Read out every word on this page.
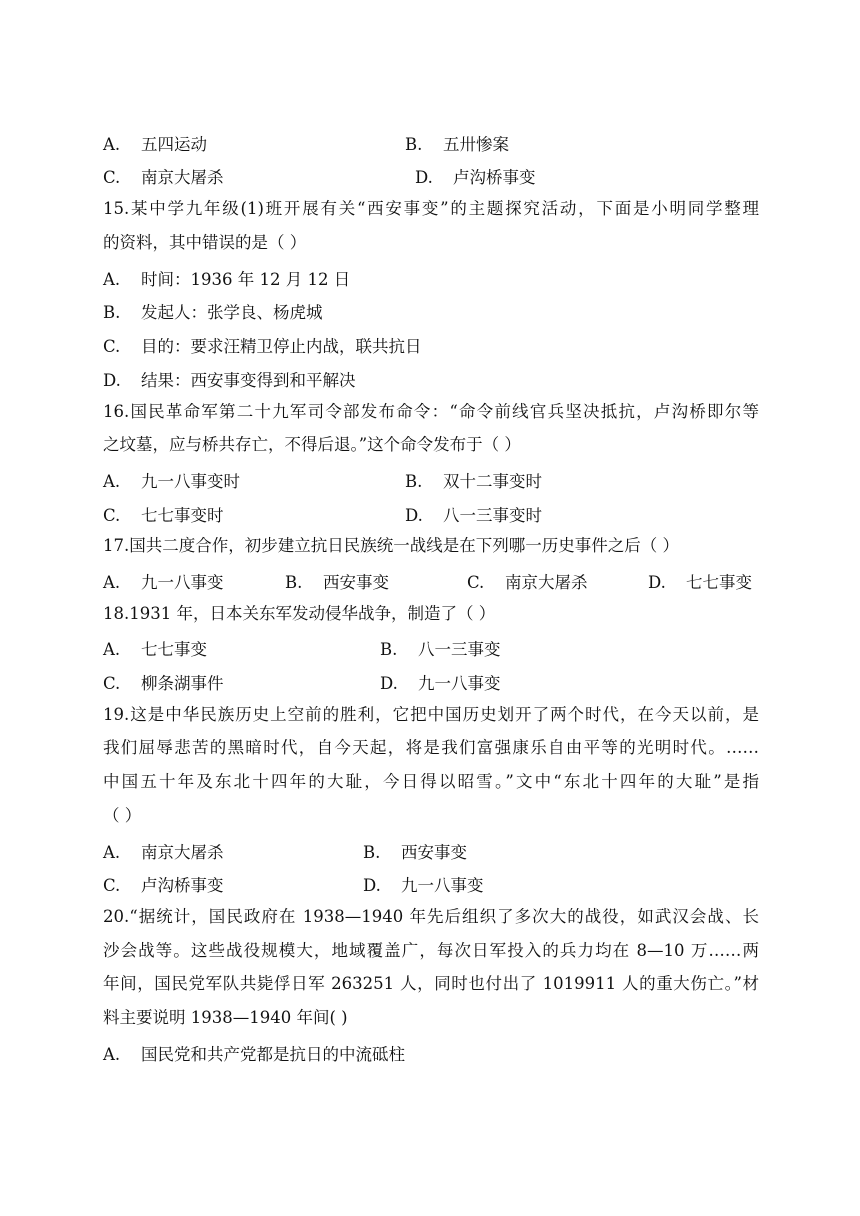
A. 五四运动	B. 五卅惨案
C. 南京大屠杀	D. 卢沟桥事变
15.某中学九年级(1)班开展有关“西安事变”的主题探究活动，下面是小明同学整理
的资料，其中错误的是（ ）
A. 时间：1936 年 12 月 12 日
B. 发起人：张学良、杨虎城
C. 目的：要求汪精卫停止内战，联共抗日
D. 结果：西安事变得到和平解决
16.国民革命军第二十九军司令部发布命令：“命令前线官兵坚决抵抗，卢沟桥即尔等
之坟墓，应与桥共存亡，不得后退。”这个命令发布于（ ）
A. 九一八事变时	B. 双十二事变时
C. 七七事变时	D. 八一三事变时
17.国共二度合作，初步建立抗日民族统一战线是在下列哪一历史事件之后（ ）
A. 九一八事变	B. 西安事变	C. 南京大屠杀	D. 七七事变
18.1931 年，日本关东军发动侵华战争，制造了（ ）
A. 七七事变	B. 八一三事变
C. 柳条湖事件	D. 九一八事变
19.这是中华民族历史上空前的胜利，它把中国历史划开了两个时代，在今天以前，是
我们屈辱悲苦的黑暗时代，自今天起，将是我们富强康乐自由平等的光明时代。……
中国五十年及东北十四年的大耻，今日得以昭雪。”文中“东北十四年的大耻”是指
（ ）
A. 南京大屠杀	B. 西安事变
C. 卢沟桥事变	D. 九一八事变
20.“据统计，国民政府在 1938—1940 年先后组织了多次大的战役，如武汉会战、长
沙会战等。这些战役规模大，地域覆盖广，每次日军投入的兵力均在 8—10 万……两
年间，国民党军队共毙俘日军 263251 人，同时也付出了 1019911 人的重大伤亡。”材
料主要说明 1938—1940 年间( )
A. 国民党和共产党都是抗日的中流砥柱
